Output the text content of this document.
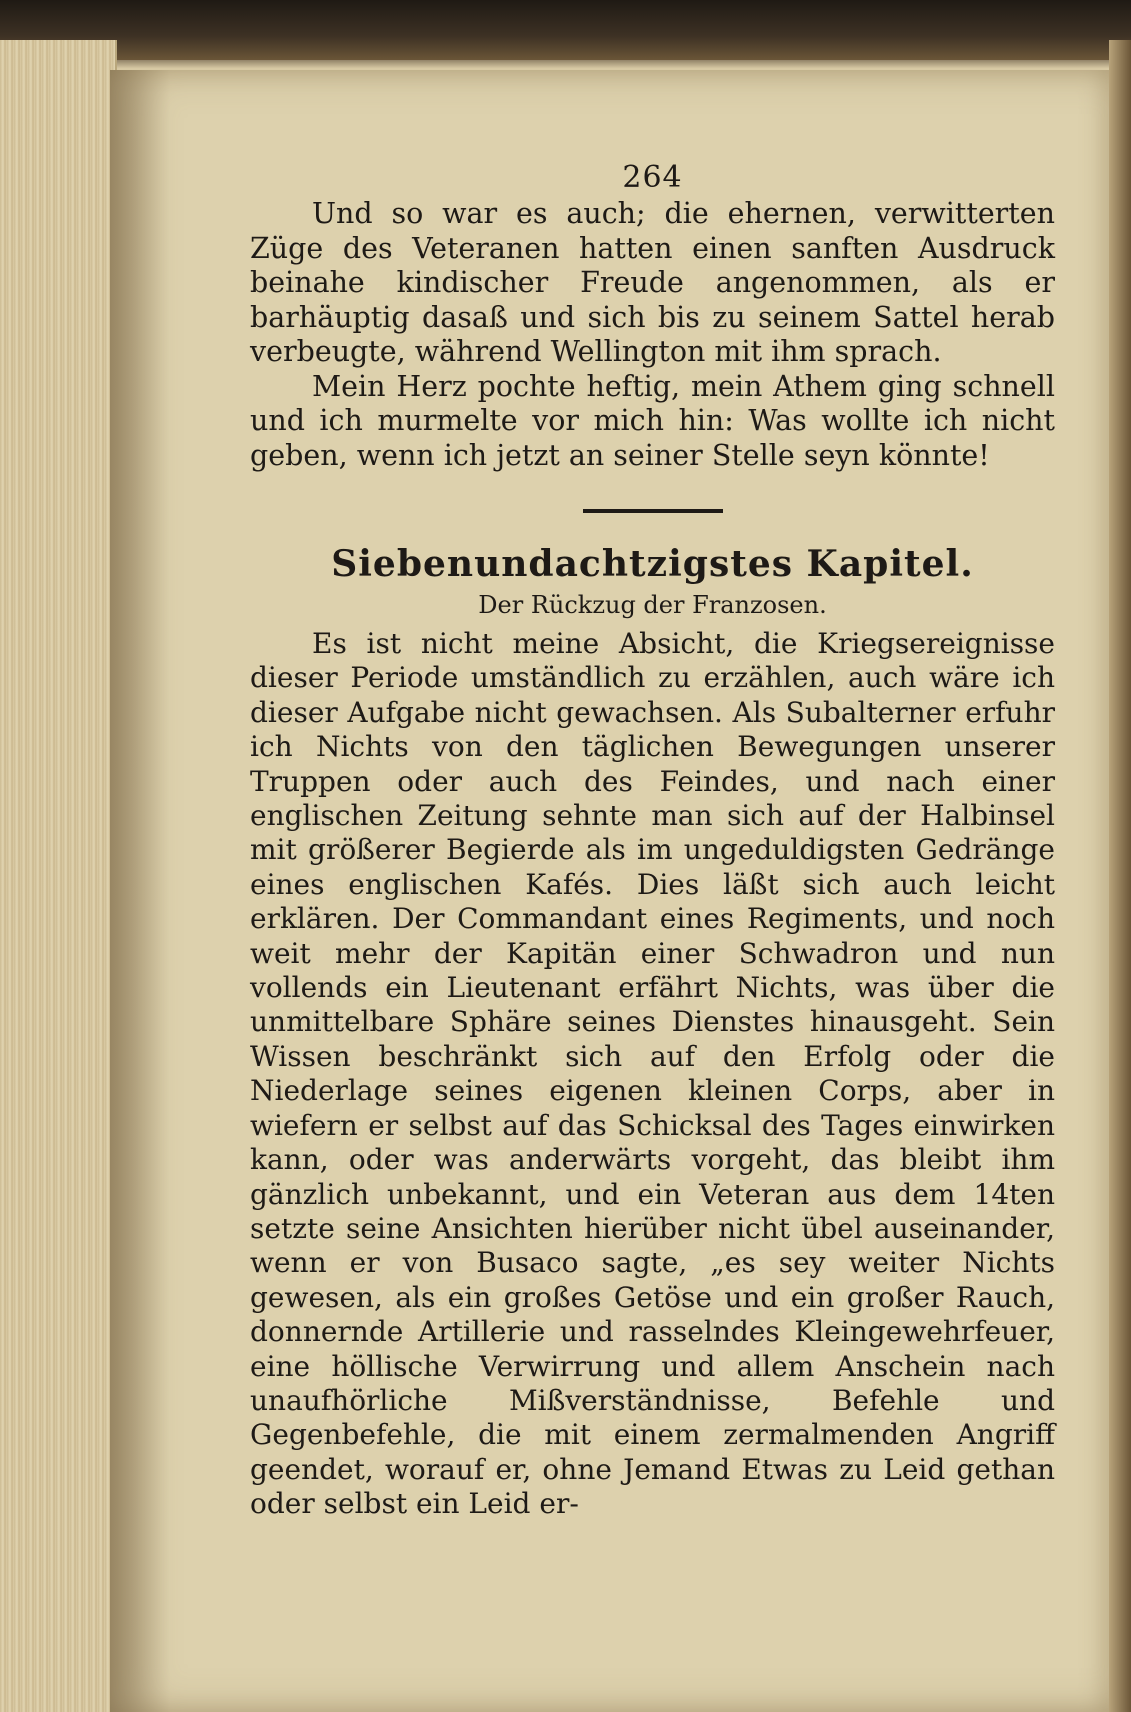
264

Und so war es auch; die ehernen, verwitterten Züge des Veteranen hatten einen sanften Ausdruck beinahe kindischer Freude angenommen, als er barhäuptig dasaß und sich bis zu seinem Sattel herab verbeugte, während Wellington mit ihm sprach.

Mein Herz pochte heftig, mein Athem ging schnell und ich murmelte vor mich hin: Was wollte ich nicht geben, wenn ich jetzt an seiner Stelle seyn könnte!

Siebenundachtzigstes Kapitel.
Der Rückzug der Franzosen.

Es ist nicht meine Absicht, die Kriegsereignisse dieser Periode umständlich zu erzählen, auch wäre ich dieser Aufgabe nicht gewachsen. Als Subalterner erfuhr ich Nichts von den täglichen Bewegungen unserer Truppen oder auch des Feindes, und nach einer englischen Zeitung sehnte man sich auf der Halbinsel mit größerer Begierde als im ungeduldigsten Gedränge eines englischen Kafés. Dies läßt sich auch leicht erklären. Der Commandant eines Regiments, und noch weit mehr der Kapitän einer Schwadron und nun vollends ein Lieutenant erfährt Nichts, was über die unmittelbare Sphäre seines Dienstes hinausgeht. Sein Wissen beschränkt sich auf den Erfolg oder die Niederlage seines eigenen kleinen Corps, aber in wiefern er selbst auf das Schicksal des Tages einwirken kann, oder was anderwärts vorgeht, das bleibt ihm gänzlich unbekannt, und ein Veteran aus dem 14ten setzte seine Ansichten hierüber nicht übel auseinander, wenn er von Busaco sagte, „es sey weiter Nichts gewesen, als ein großes Getöse und ein großer Rauch, donnernde Artillerie und rasselndes Kleingewehrfeuer, eine höllische Verwirrung und allem Anschein nach unaufhörliche Mißverständnisse, Befehle und Gegenbefehle, die mit einem zermalmenden Angriff geendet, worauf er, ohne Jemand Etwas zu Leid gethan oder selbst ein Leid er-
